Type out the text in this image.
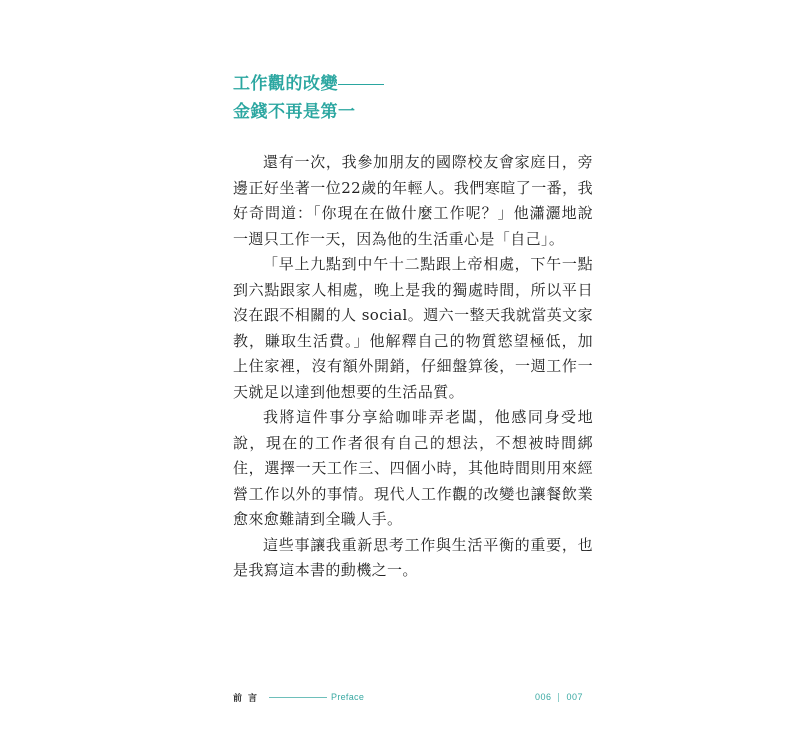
工作觀的改變
金錢不再是第一

還有一次，我參加朋友的國際校友會家庭日，旁邊正好坐著一位22歲的年輕人。我們寒暄了一番，我好奇問道：「你現在在做什麼工作呢？」他瀟灑地說一週只工作一天，因為他的生活重心是「自己」。

「早上九點到中午十二點跟上帝相處，下午一點到六點跟家人相處，晚上是我的獨處時間，所以平日沒在跟不相關的人 social。週六一整天我就當英文家教，賺取生活費。」他解釋自己的物質慾望極低，加上住家裡，沒有額外開銷，仔細盤算後，一週工作一天就足以達到他想要的生活品質。

我將這件事分享給咖啡弄老闆，他感同身受地說，現在的工作者很有自己的想法，不想被時間綁住，選擇一天工作三、四個小時，其他時間則用來經營工作以外的事情。現代人工作觀的改變也讓餐飲業愈來愈難請到全職人手。

這些事讓我重新思考工作與生活平衡的重要，也是我寫這本書的動機之一。

前言	Preface	006 007
